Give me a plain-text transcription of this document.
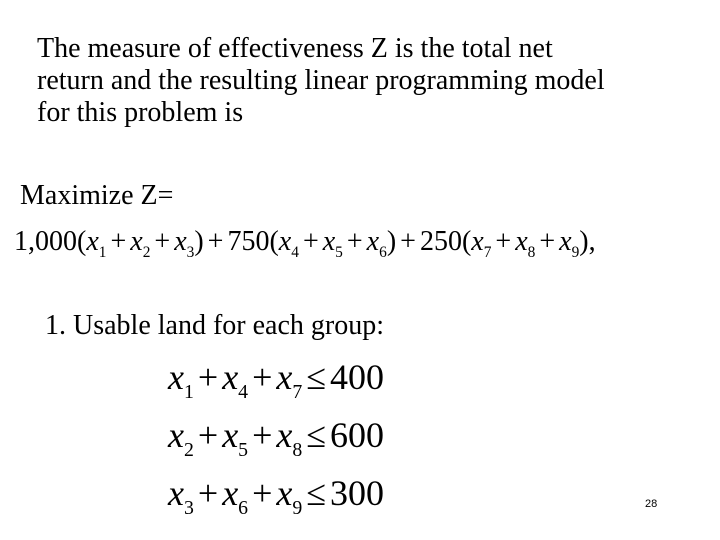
The measure of effectiveness Z is the total net
return and the resulting linear programming model
for this problem is
Maximize Z=
$1,000(x_1 + x_2 + x_3) + 750(x_4 + x_5 + x_6) + 250(x_7 + x_8 + x_9)$,
1. Usable land for each group:
$x_1 + x_4 + x_7 \le 400$
$x_2 + x_5 + x_8 \le 600$
$x_3 + x_6 + x_9 \le 300$	28
